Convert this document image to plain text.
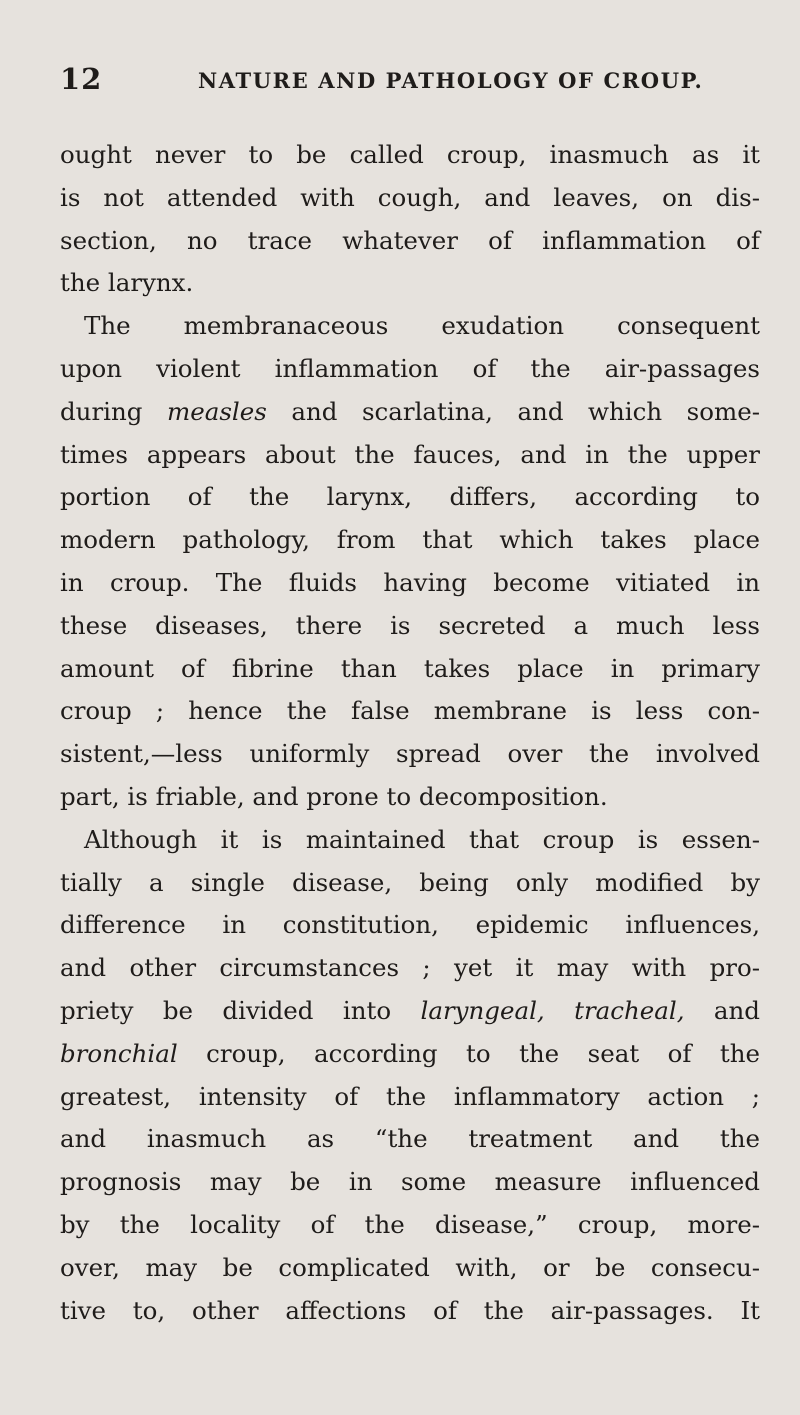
12	NATURE AND PATHOLOGY OF CROUP.
ought never to be called croup, inasmuch as it
is not attended with cough, and leaves, on dis-
section, no trace whatever of inflammation of
the larynx.
The membranaceous exudation consequent
upon violent inflammation of the air-passages
during measles and scarlatina, and which some-
times appears about the fauces, and in the upper
portion of the larynx, differs, according to
modern pathology, from that which takes place
in croup. The fluids having become vitiated in
these diseases, there is secreted a much less
amount of fibrine than takes place in primary
croup ; hence the false membrane is less con-
sistent,—less uniformly spread over the involved
part, is friable, and prone to decomposition.
Although it is maintained that croup is essen-
tially a single disease, being only modified by
difference in constitution, epidemic influences,
and other circumstances ; yet it may with pro-
priety be divided into laryngeal, tracheal, and
bronchial croup, according to the seat of the
greatest, intensity of the inflammatory action ;
and inasmuch as “the treatment and the
prognosis may be in some measure influenced
by the locality of the disease,” croup, more-
over, may be complicated with, or be consecu-
tive to, other affections of the air-passages. It
